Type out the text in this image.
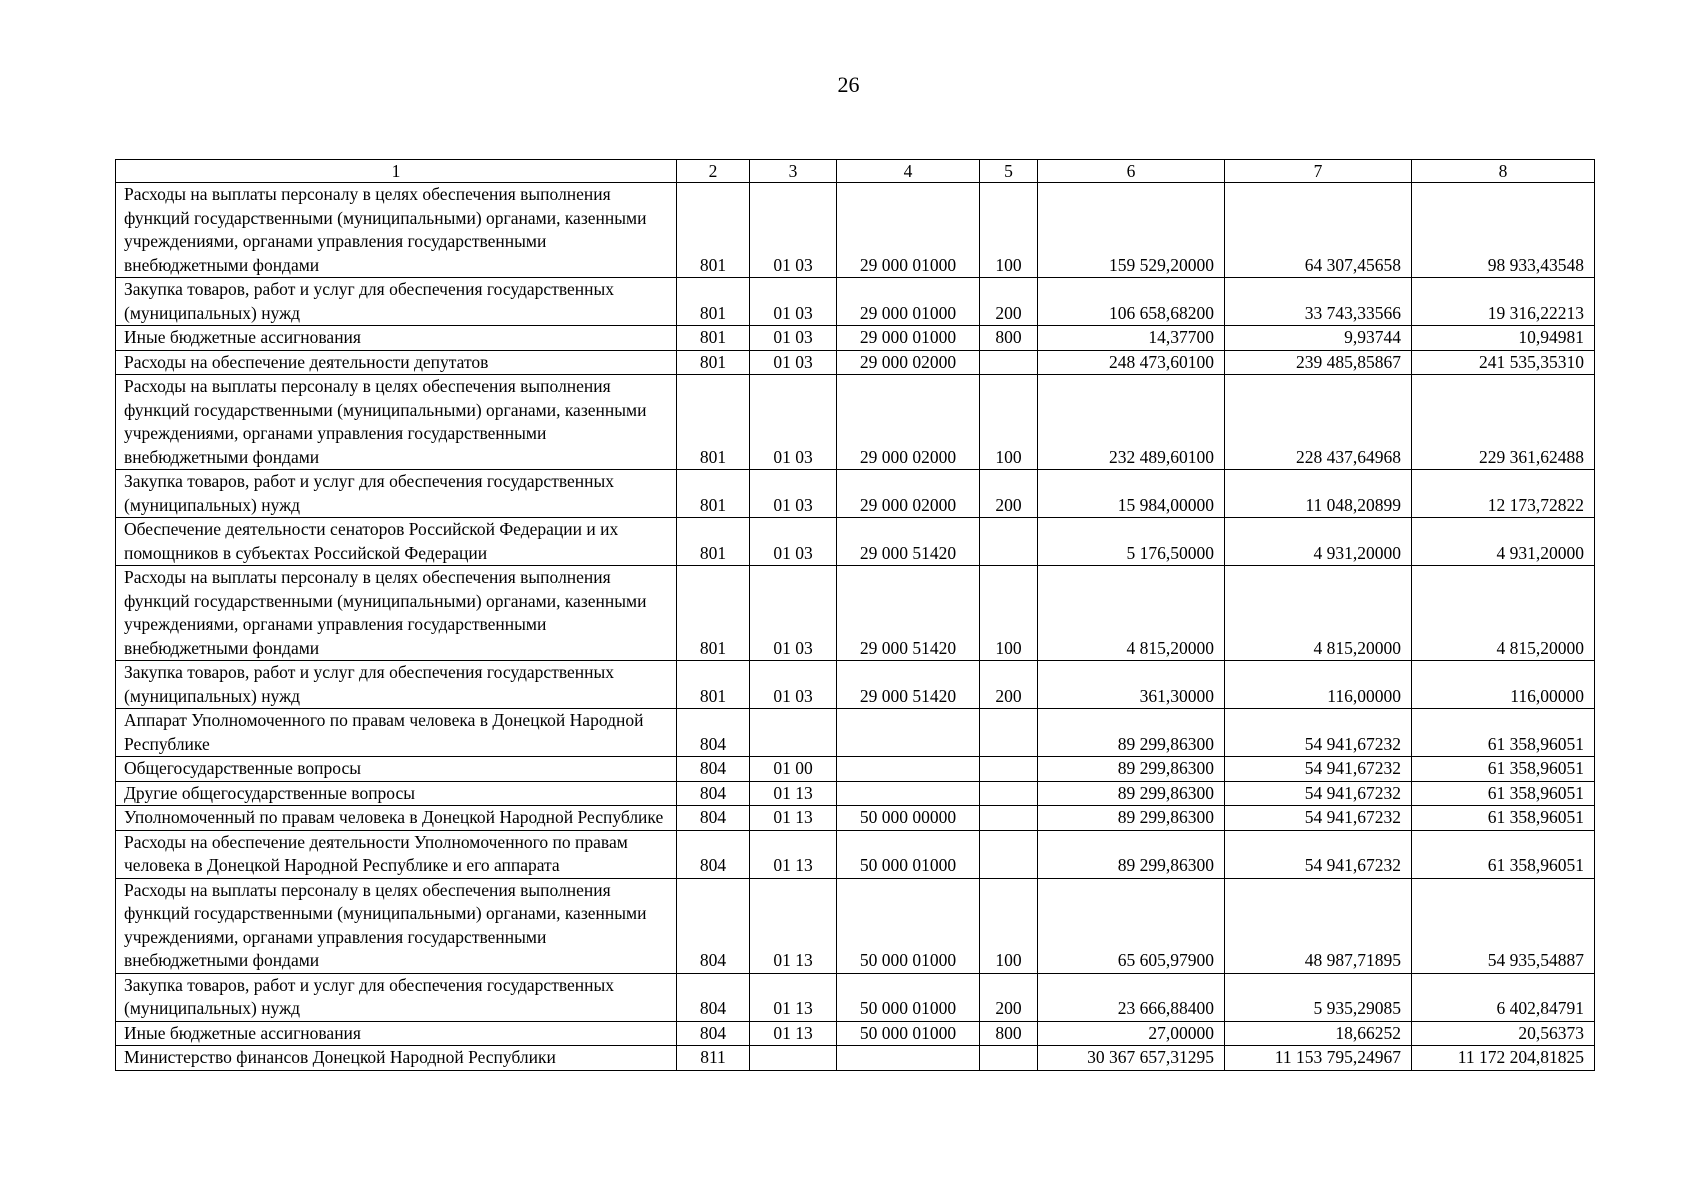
26
1	2	3	4	5	6	7	8
Расходы на выплаты персоналу в целях обеспечения выполнения функций государственными (муниципальными) органами, казенными учреждениями, органами управления государственными внебюджетными фондами	801	01 03	29 000 01000	100	159 529,20000	64 307,45658	98 933,43548
Закупка товаров, работ и услуг для обеспечения государственных (муниципальных) нужд	801	01 03	29 000 01000	200	106 658,68200	33 743,33566	19 316,22213
Иные бюджетные ассигнования	801	01 03	29 000 01000	800	14,37700	9,93744	10,94981
Расходы на обеспечение деятельности депутатов	801	01 03	29 000 02000		248 473,60100	239 485,85867	241 535,35310
Расходы на выплаты персоналу в целях обеспечения выполнения функций государственными (муниципальными) органами, казенными учреждениями, органами управления государственными внебюджетными фондами	801	01 03	29 000 02000	100	232 489,60100	228 437,64968	229 361,62488
Закупка товаров, работ и услуг для обеспечения государственных (муниципальных) нужд	801	01 03	29 000 02000	200	15 984,00000	11 048,20899	12 173,72822
Обеспечение деятельности сенаторов Российской Федерации и их помощников в субъектах Российской Федерации	801	01 03	29 000 51420		5 176,50000	4 931,20000	4 931,20000
Расходы на выплаты персоналу в целях обеспечения выполнения функций государственными (муниципальными) органами, казенными учреждениями, органами управления государственными внебюджетными фондами	801	01 03	29 000 51420	100	4 815,20000	4 815,20000	4 815,20000
Закупка товаров, работ и услуг для обеспечения государственных (муниципальных) нужд	801	01 03	29 000 51420	200	361,30000	116,00000	116,00000
Аппарат Уполномоченного по правам человека в Донецкой Народной Республике	804				89 299,86300	54 941,67232	61 358,96051
Общегосударственные вопросы	804	01 00			89 299,86300	54 941,67232	61 358,96051
Другие общегосударственные вопросы	804	01 13			89 299,86300	54 941,67232	61 358,96051
Уполномоченный по правам человека в Донецкой Народной Республике	804	01 13	50 000 00000		89 299,86300	54 941,67232	61 358,96051
Расходы на обеспечение деятельности Уполномоченного по правам человека в Донецкой Народной Республике и его аппарата	804	01 13	50 000 01000		89 299,86300	54 941,67232	61 358,96051
Расходы на выплаты персоналу в целях обеспечения выполнения функций государственными (муниципальными) органами, казенными учреждениями, органами управления государственными внебюджетными фондами	804	01 13	50 000 01000	100	65 605,97900	48 987,71895	54 935,54887
Закупка товаров, работ и услуг для обеспечения государственных (муниципальных) нужд	804	01 13	50 000 01000	200	23 666,88400	5 935,29085	6 402,84791
Иные бюджетные ассигнования	804	01 13	50 000 01000	800	27,00000	18,66252	20,56373
Министерство финансов Донецкой Народной Республики	811				30 367 657,31295	11 153 795,24967	11 172 204,81825
